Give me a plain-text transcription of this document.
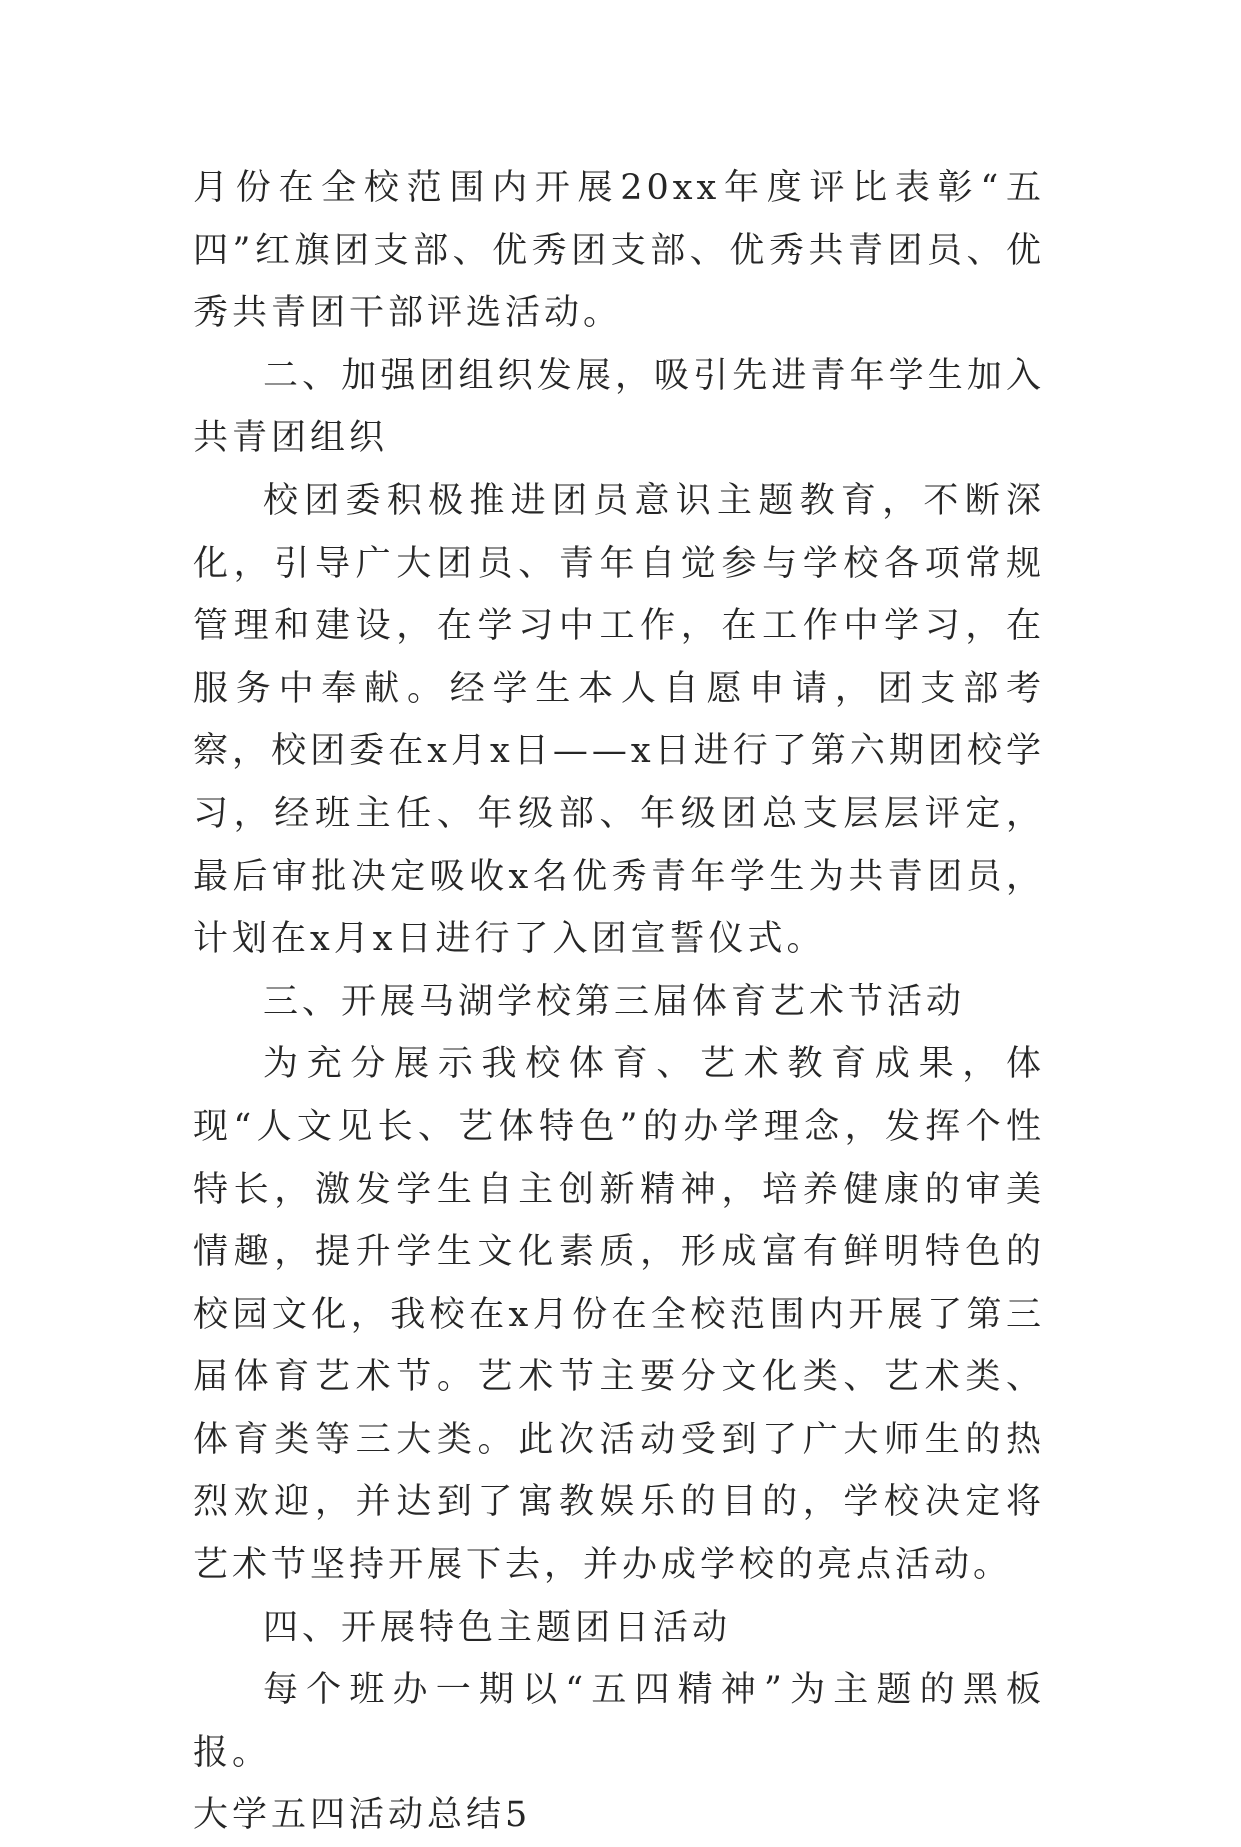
月份在全校范围内开展20xx年度评比表彰“五四”红旗团支部、优秀团支部、优秀共青团员、优秀共青团干部评选活动。

二、加强团组织发展，吸引先进青年学生加入共青团组织

校团委积极推进团员意识主题教育，不断深化，引导广大团员、青年自觉参与学校各项常规管理和建设，在学习中工作，在工作中学习，在服务中奉献。经学生本人自愿申请，团支部考察，校团委在x月x日——x日进行了第六期团校学习，经班主任、年级部、年级团总支层层评定，最后审批决定吸收x名优秀青年学生为共青团员，计划在x月x日进行了入团宣誓仪式。

三、开展马湖学校第三届体育艺术节活动

为充分展示我校体育、艺术教育成果，体现“人文见长、艺体特色”的办学理念，发挥个性特长，激发学生自主创新精神，培养健康的审美情趣，提升学生文化素质，形成富有鲜明特色的校园文化，我校在x月份在全校范围内开展了第三届体育艺术节。艺术节主要分文化类、艺术类、体育类等三大类。此次活动受到了广大师生的热烈欢迎，并达到了寓教娱乐的目的，学校决定将艺术节坚持开展下去，并办成学校的亮点活动。

四、开展特色主题团日活动

每个班办一期以“五四精神”为主题的黑板报。

大学五四活动总结5
